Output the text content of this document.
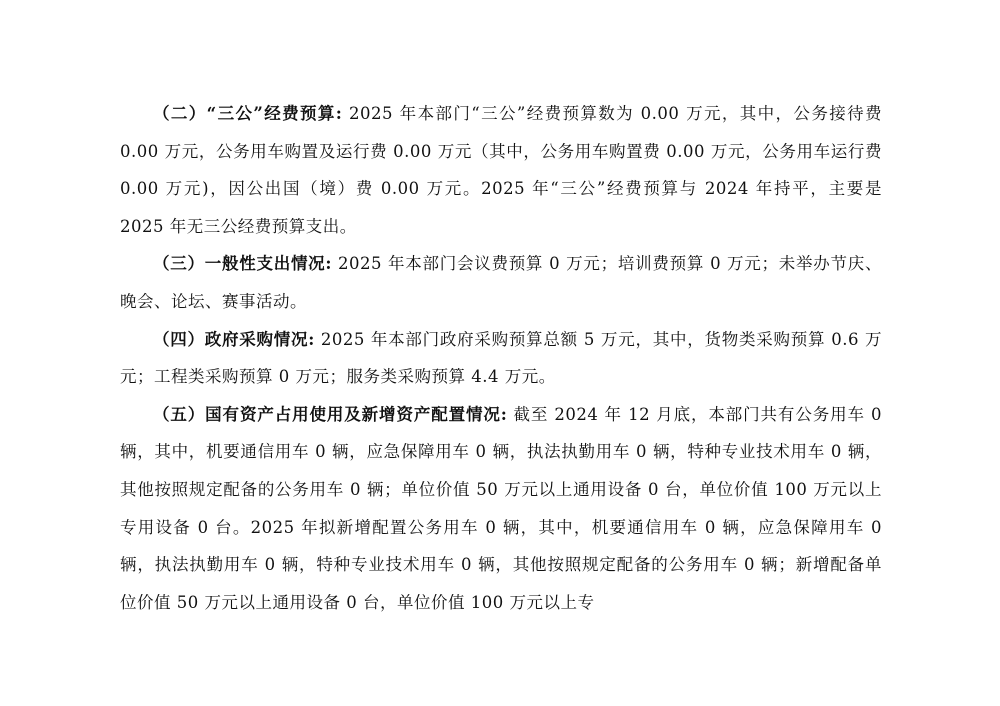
（二）“三公”经费预算: 2025 年本部门“三公”经费预算数为 0.00 万元，其中，公务接待费 0.00 万元，公务用车购置及运行费 0.00 万元（其中，公务用车购置费 0.00 万元，公务用车运行费 0.00 万元)，因公出国（境）费 0.00 万元。2025 年“三公”经费预算与 2024 年持平，主要是 2025 年无三公经费预算支出。

（三）一般性支出情况: 2025 年本部门会议费预算 0 万元；培训费预算 0 万元；未举办节庆、晚会、论坛、赛事活动。

（四）政府采购情况: 2025 年本部门政府采购预算总额 5 万元，其中，货物类采购预算 0.6 万元；工程类采购预算 0 万元；服务类采购预算 4.4 万元。

（五）国有资产占用使用及新增资产配置情况: 截至 2024 年 12 月底，本部门共有公务用车 0 辆，其中，机要通信用车 0 辆，应急保障用车 0 辆，执法执勤用车 0 辆，特种专业技术用车 0 辆，其他按照规定配备的公务用车 0 辆；单位价值 50 万元以上通用设备 0 台，单位价值 100 万元以上专用设备 0 台。2025 年拟新增配置公务用车 0 辆，其中，机要通信用车 0 辆，应急保障用车 0 辆，执法执勤用车 0 辆，特种专业技术用车 0 辆，其他按照规定配备的公务用车 0 辆；新增配备单位价值 50 万元以上通用设备 0 台，单位价值 100 万元以上专
